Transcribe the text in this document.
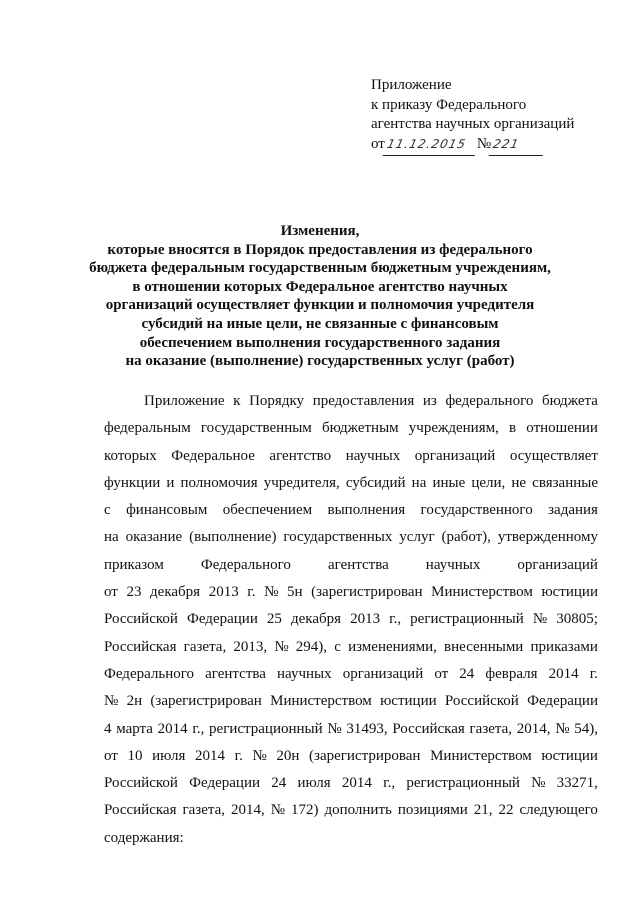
Приложение
к приказу Федерального
агентства научных организаций
от11.12.2015 №221
Изменения,
которые вносятся в Порядок предоставления из федерального
бюджета федеральным государственным бюджетным учреждениям,
в отношении которых Федеральное агентство научных
организаций осуществляет функции и полномочия учредителя
субсидий на иные цели, не связанные с финансовым
обеспечением выполнения государственного задания
на оказание (выполнение) государственных услуг (работ)
Приложение к Порядку предоставления из федерального бюджета
федеральным государственным бюджетным учреждениям, в отношении
которых Федеральное агентство научных организаций осуществляет
функции и полномочия учредителя, субсидий на иные цели, не связанные
с финансовым обеспечением выполнения государственного задания
на оказание (выполнение) государственных услуг (работ), утвержденному
приказом Федерального агентства научных организаций
от 23 декабря 2013 г. № 5н (зарегистрирован Министерством юстиции
Российской Федерации 25 декабря 2013 г., регистрационный № 30805;
Российская газета, 2013, № 294), с изменениями, внесенными приказами
Федерального агентства научных организаций от 24 февраля 2014 г.
№ 2н (зарегистрирован Министерством юстиции Российской Федерации
4 марта 2014 г., регистрационный № 31493, Российская газета, 2014, № 54),
от 10 июля 2014 г. № 20н (зарегистрирован Министерством юстиции
Российской Федерации 24 июля 2014 г., регистрационный № 33271,
Российская газета, 2014, № 172) дополнить позициями 21, 22 следующего
содержания:
